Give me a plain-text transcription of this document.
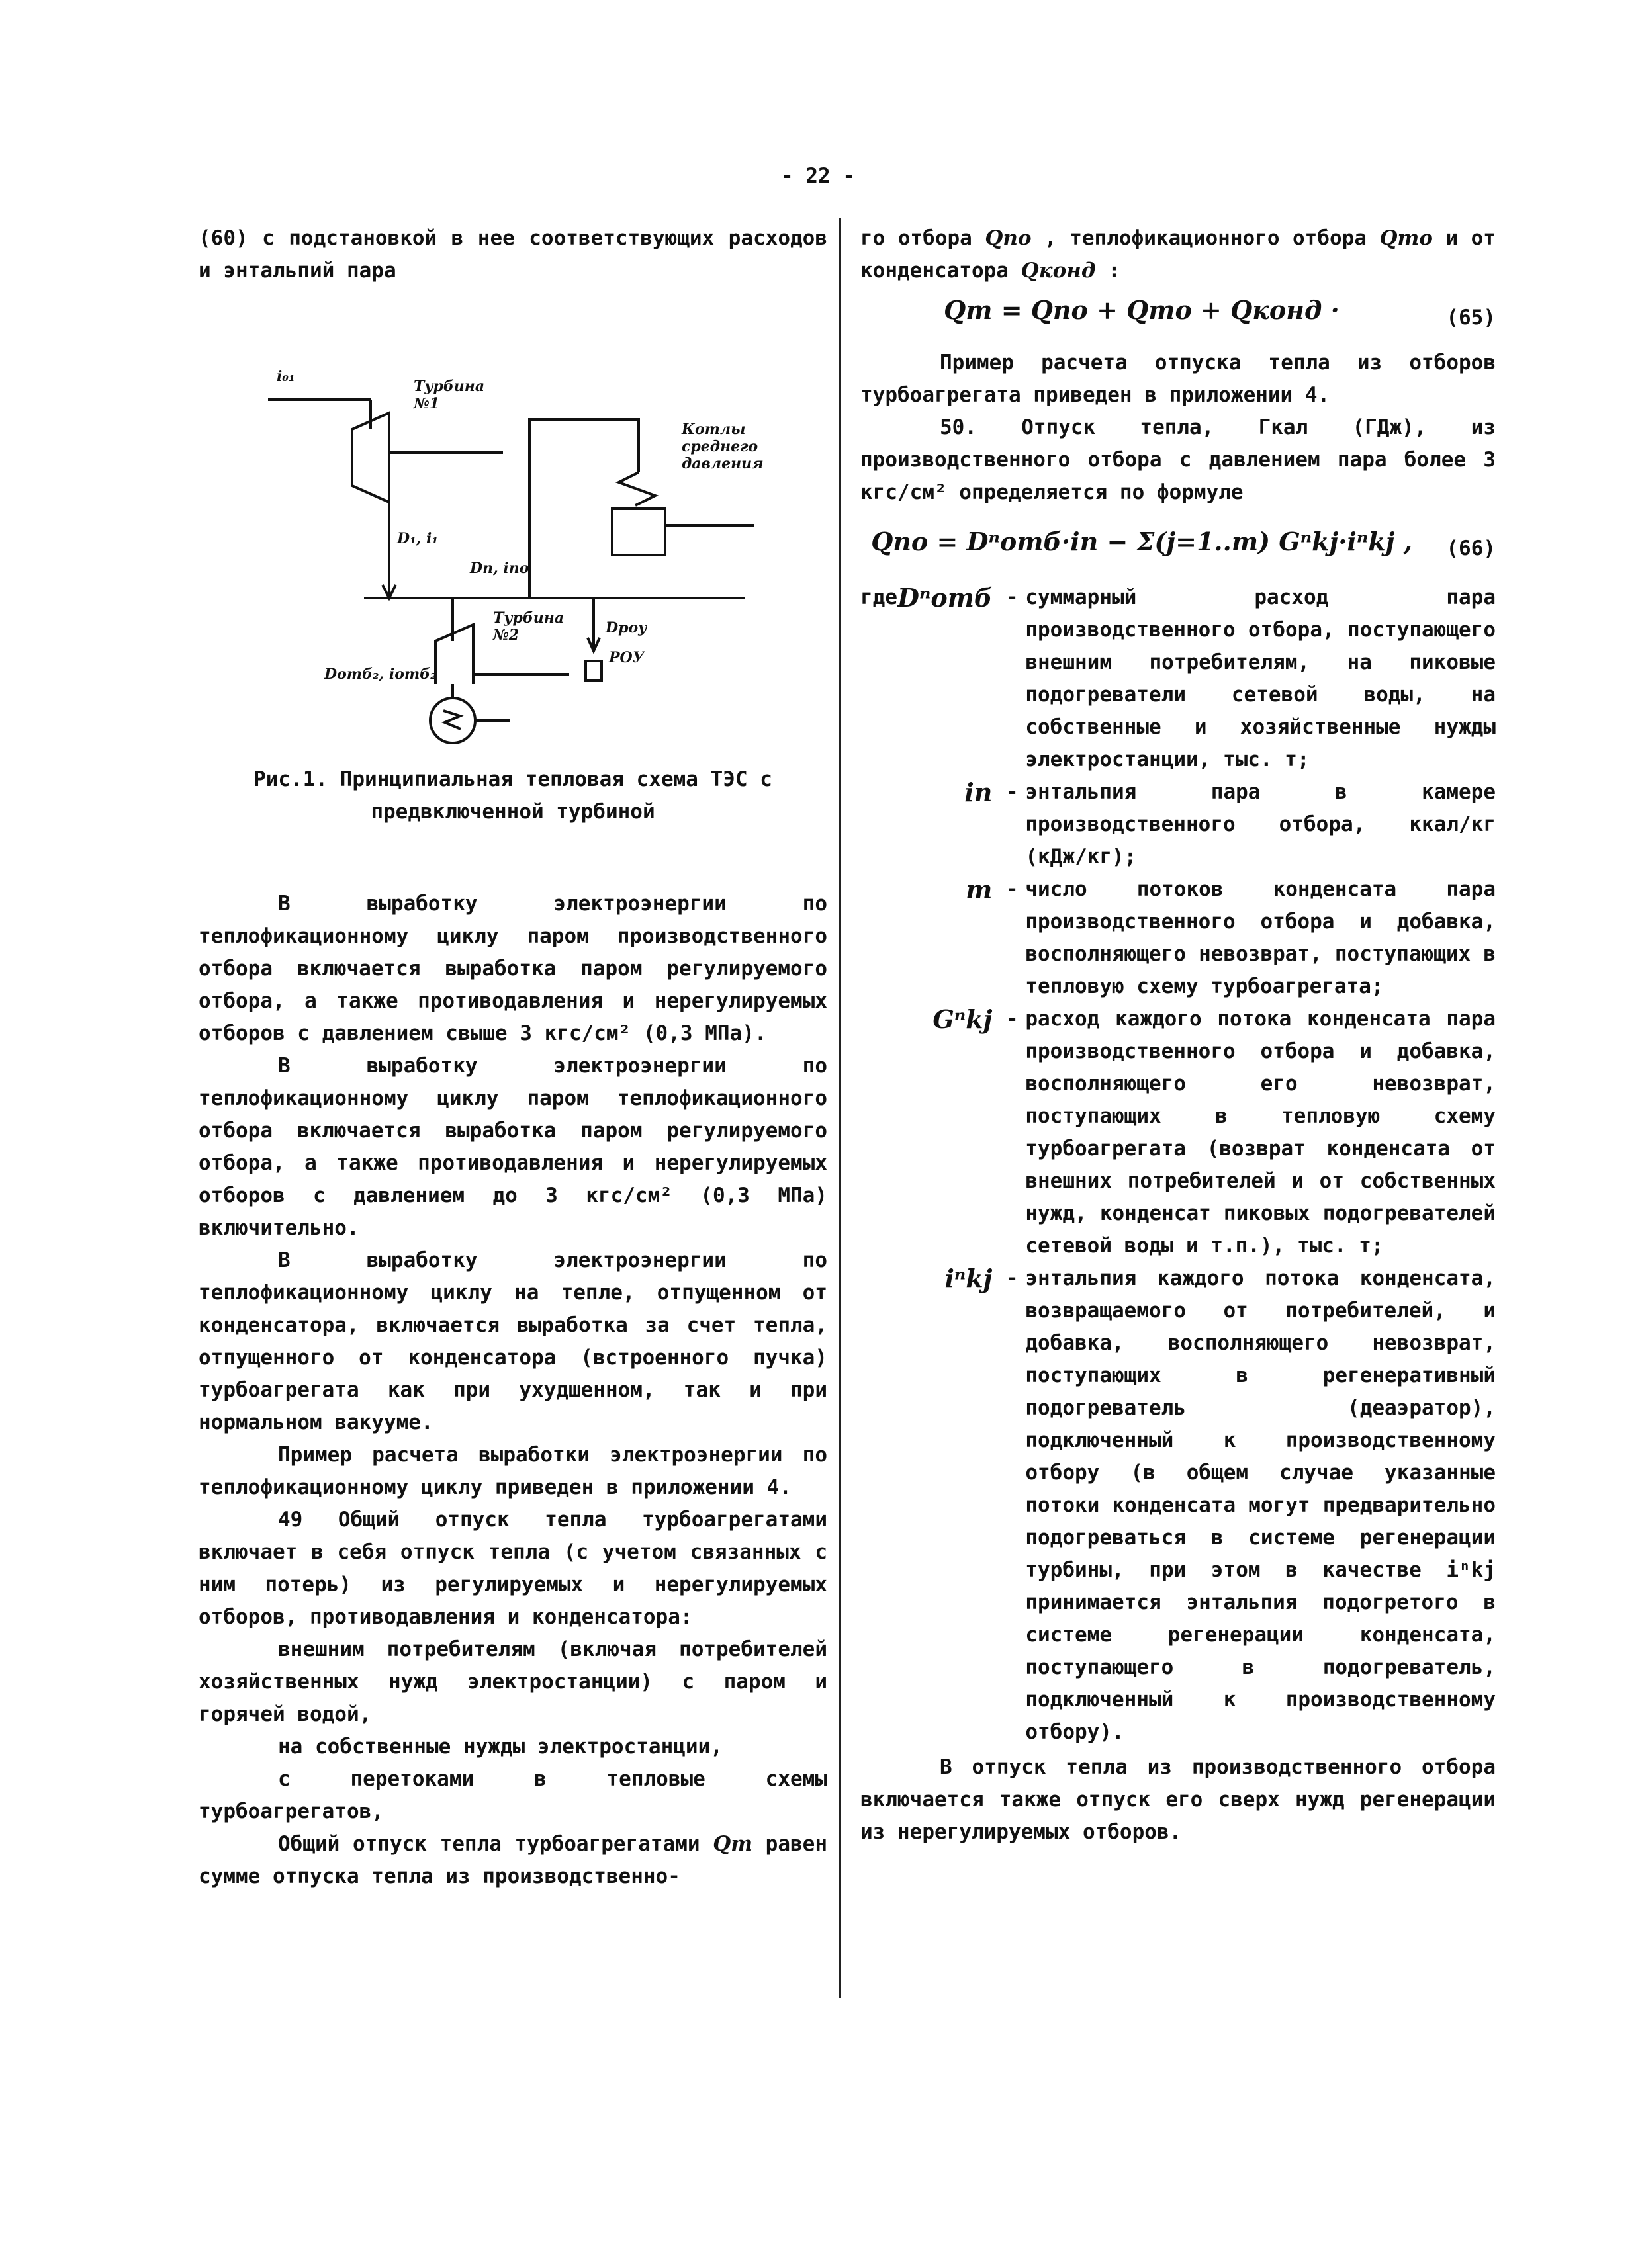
- 22 -

(60) с подстановкой в нее соответствующих расходов и энтальпий пара

i₀₁
Турбина №1
Котлы среднего давления
D₁, i₁
Dп, iпо
Турбина №2	Dроу
РОУ
Dотб₂, iотб₂

Рис.1. Принципиальная тепловая схема ТЭС с предвключенной турбиной

В выработку электроэнергии по теплофикационному циклу паром производственного отбора включается выработка паром регулируемого отбора, а также противодавления и нерегулируемых отборов с давлением свыше 3 кгс/см² (0,3 МПа).

В выработку электроэнергии по теплофикационному циклу паром теплофикационного отбора включается выработка паром регулируемого отбора, а также противодавления и нерегулируемых отборов с давлением до 3 кгс/см² (0,3 МПа) включительно.

В выработку электроэнергии по теплофикационному циклу на тепле, отпущенном от конденсатора, включается выработка за счет тепла, отпущенного от конденсатора (встроенного пучка) турбоагрегата как при ухудшенном, так и при нормальном вакууме.

Пример расчета выработки электроэнергии по теплофикационному циклу приведен в приложении 4.

49 Общий отпуск тепла турбоагрегатами включает в себя отпуск тепла (с учетом связанных с ним потерь) из регулируемых и нерегулируемых отборов, противодавления и конденсатора:

внешним потребителям (включая потребителей хозяйственных нужд электростанции) с паром и горячей водой,

на собственные нужды электростанции,

с перетоками в тепловые схемы турбоагрегатов,

Общий отпуск тепла турбоагрегатами Qт равен сумме отпуска тепла из производственно-

го отбора Qпо , теплофикационного отбора Qто и от конденсатора Qконд :

Qт = Qпо + Qто + Qконд ·	(65)

Пример расчета отпуска тепла из отборов турбоагрегата приведен в приложении 4.

50. Отпуск тепла, Гкал (ГДж), из производственного отбора с давлением пара более 3 кгс/см² определяется по формуле

Qпо = Dⁿотб·iп − Σ(j=1..m) Gⁿkj·iⁿkj ,	(66)
где	Dⁿотб	-	суммарный расход пара производственного отбора, поступающего внешним потребителям, на пиковые подогреватели сетевой воды, на собственные и хозяйственные нужды электростанции, тыс. т;
	iп	-	энтальпия пара в камере производственного отбора, ккал/кг (кДж/кг);
	m	-	число потоков конденсата пара производственного отбора и добавка, восполняющего невозврат, поступающих в тепловую схему турбоагрегата;
	Gⁿkj	-	расход каждого потока конденсата пара производственного отбора и добавка, восполняющего его невозврат, поступающих в тепловую схему турбоагрегата (возврат конденсата от внешних потребителей и от собственных нужд, конденсат пиковых подогревателей сетевой воды и т.п.), тыс. т;
	iⁿkj	-	энтальпия каждого потока конденсата, возвращаемого от потребителей, и добавка, восполняющего невозврат, поступающих в регенеративный подогреватель (деаэратор), подключенный к производственному отбору (в общем случае указанные потоки конденсата могут предварительно подогреваться в системе регенерации турбины, при этом в качестве iⁿkj принимается энтальпия подогретого в системе регенерации конденсата, поступающего в подогреватель, подключенный к производственному отбору).

В отпуск тепла из производственного отбора включается также отпуск его сверх нужд регенерации из нерегулируемых отборов.
